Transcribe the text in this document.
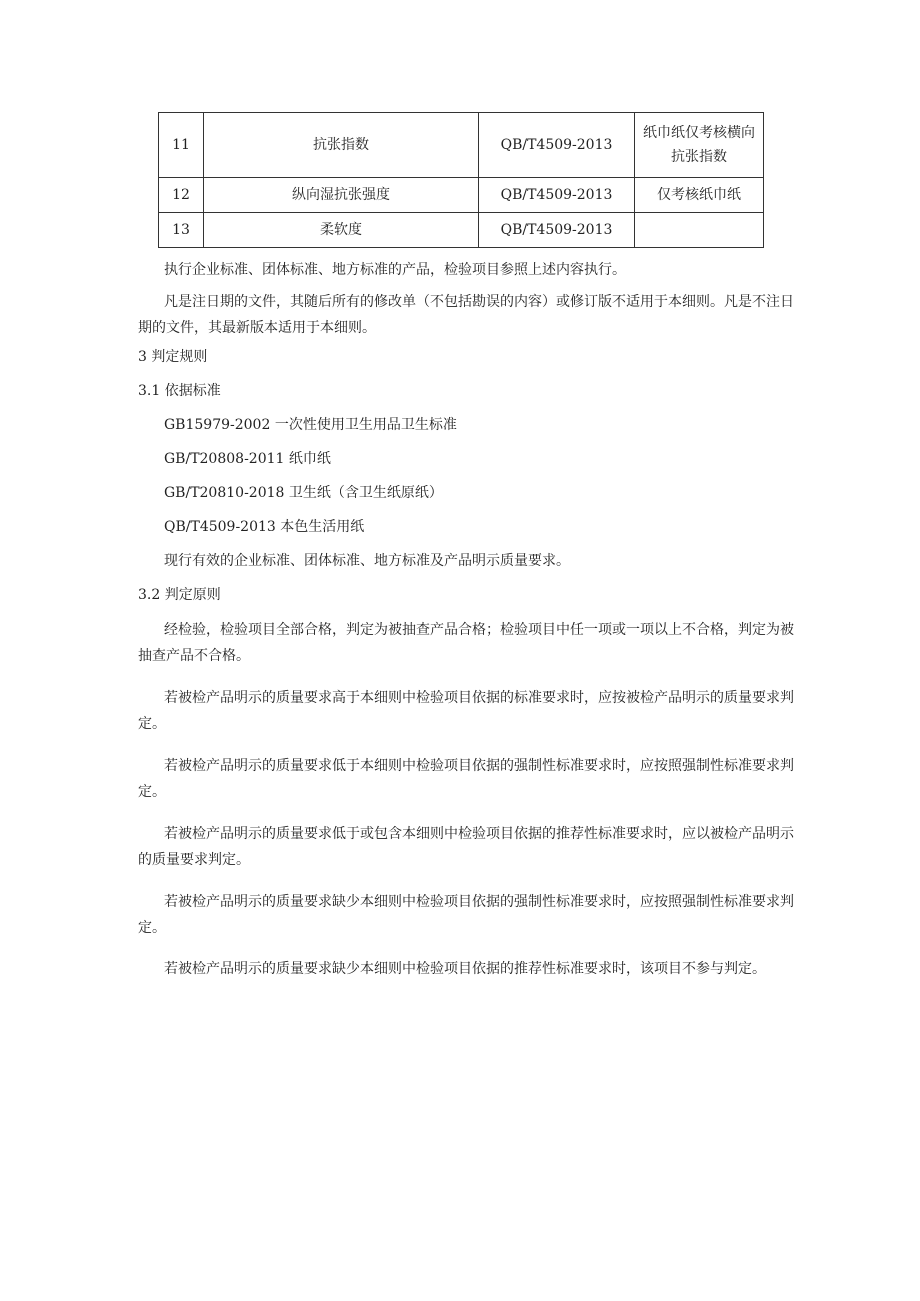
11	抗张指数	QB/T4509-2013	纸巾纸仅考核横向抗张指数
12	纵向湿抗张强度	QB/T4509-2013	仅考核纸巾纸
13	柔软度	QB/T4509-2013	

执行企业标准、团体标准、地方标准的产品，检验项目参照上述内容执行。

凡是注日期的文件，其随后所有的修改单（不包括勘误的内容）或修订版不适用于本细则。凡是不注日期的文件，其最新版本适用于本细则。

3 判定规则

3.1 依据标准

GB15979-2002 一次性使用卫生用品卫生标准

GB/T20808-2011 纸巾纸

GB/T20810-2018 卫生纸（含卫生纸原纸）

QB/T4509-2013 本色生活用纸

现行有效的企业标准、团体标准、地方标准及产品明示质量要求。

3.2 判定原则

经检验，检验项目全部合格，判定为被抽查产品合格；检验项目中任一项或一项以上不合格，判定为被抽查产品不合格。

若被检产品明示的质量要求高于本细则中检验项目依据的标准要求时，应按被检产品明示的质量要求判定。

若被检产品明示的质量要求低于本细则中检验项目依据的强制性标准要求时，应按照强制性标准要求判定。

若被检产品明示的质量要求低于或包含本细则中检验项目依据的推荐性标准要求时，应以被检产品明示的质量要求判定。

若被检产品明示的质量要求缺少本细则中检验项目依据的强制性标准要求时，应按照强制性标准要求判定。

若被检产品明示的质量要求缺少本细则中检验项目依据的推荐性标准要求时，该项目不参与判定。
